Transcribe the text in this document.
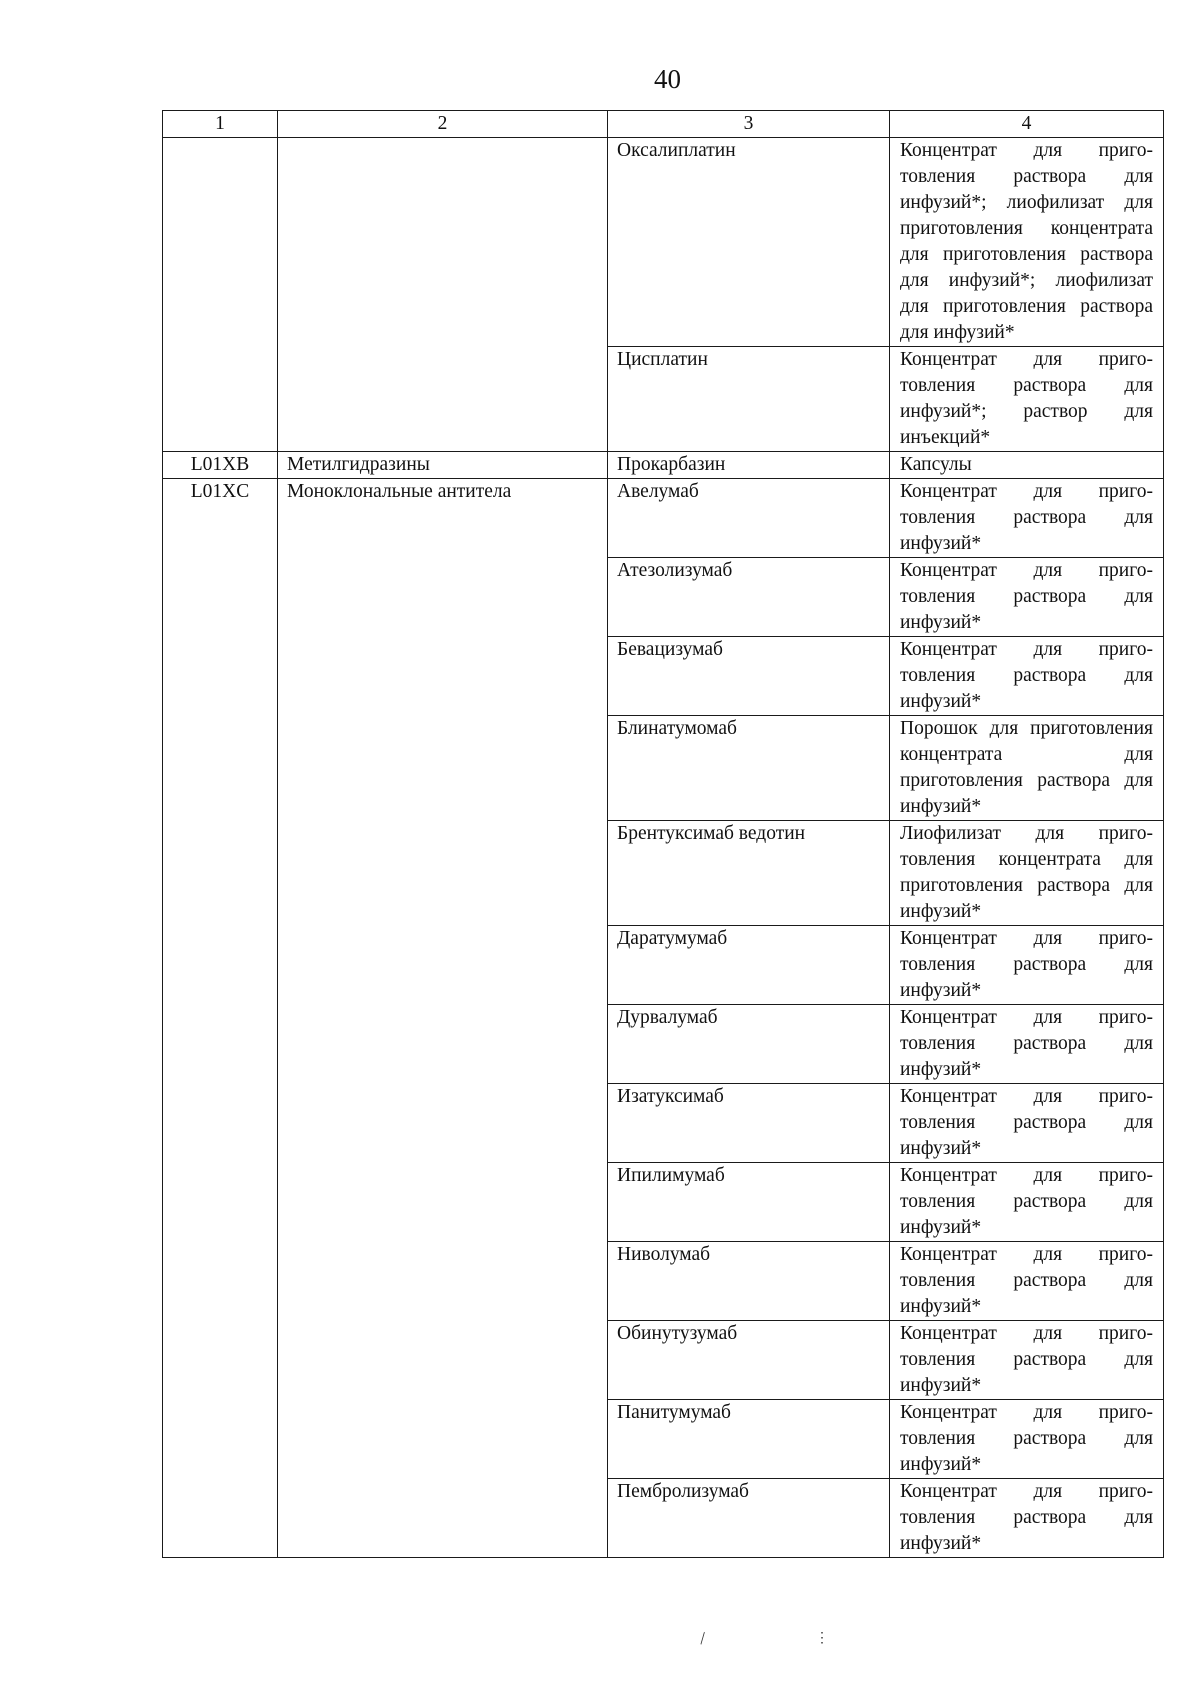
40
1	2	3	4
		Оксалиплатин	Концентрат для приготовления раствора для инфузий*; лиофилизат для приготовления концентрата для приготовления раствора для инфузий*; лиофилизат для приготовления раствора для инфузий*
		Цисплатин	Концентрат для приготовления раствора для инфузий*; раствор для инъекций*
L01XB	Метилгидразины	Прокарбазин	Капсулы
L01XC	Моноклональные антитела	Авелумаб	Концентрат для приготовления раствора для инфузий*
		Атезолизумаб	Концентрат для приготовления раствора для инфузий*
		Бевацизумаб	Концентрат для приготовления раствора для инфузий*
		Блинатумомаб	Порошок для приготовления концентрата для приготовления раствора для инфузий*
		Брентуксимаб ведотин	Лиофилизат для приготовления концентрата для приготовления раствора для инфузий*
		Даратумумаб	Концентрат для приготовления раствора для инфузий*
		Дурвалумаб	Концентрат для приготовления раствора для инфузий*
		Изатуксимаб	Концентрат для приготовления раствора для инфузий*
		Ипилимумаб	Концентрат для приготовления раствора для инфузий*
		Ниволумаб	Концентрат для приготовления раствора для инфузий*
		Обинутузумаб	Концентрат для приготовления раствора для инфузий*
		Панитумумаб	Концентрат для приготовления раствора для инфузий*
		Пембролизумаб	Концентрат для приготовления раствора для инфузий*
\	⋮
